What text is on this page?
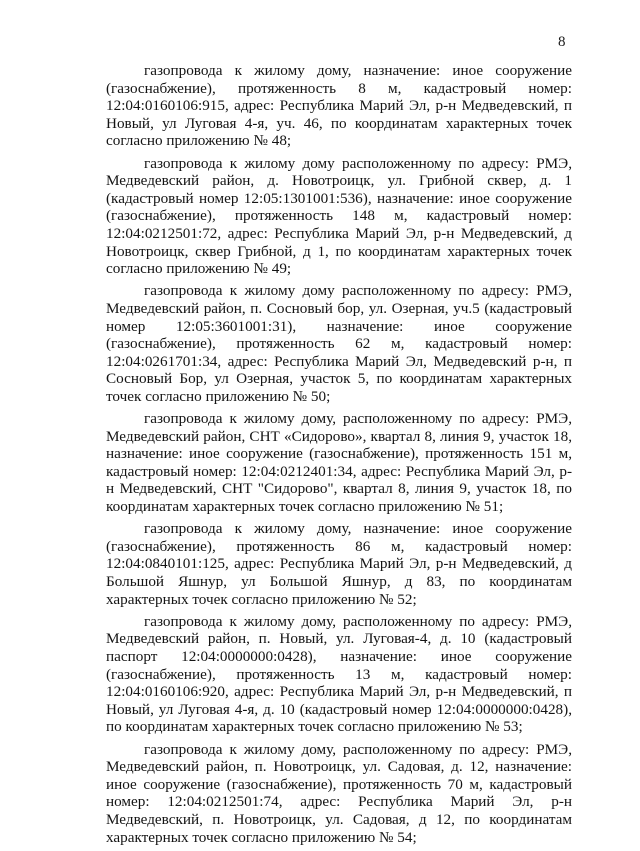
8

газопровода к жилому дому, назначение: иное сооружение (газоснабжение), протяженность 8 м, кадастровый номер: 12:04:0160106:915, адрес: Республика Марий Эл, р-н Медведевский, п Новый, ул Луговая 4-я, уч. 46, по координатам характерных точек согласно приложению № 48;

газопровода к жилому дому расположенному по адресу: РМЭ, Медведевский район, д. Новотроицк, ул. Грибной сквер, д. 1 (кадастровый номер 12:05:1301001:536), назначение: иное сооружение (газоснабжение), протяженность 148 м, кадастровый номер: 12:04:0212501:72, адрес: Республика Марий Эл, р-н Медведевский, д Новотроицк, сквер Грибной, д 1, по координатам характерных точек согласно приложению № 49;

газопровода к жилому дому расположенному по адресу: РМЭ, Медведевский район, п. Сосновый бор, ул. Озерная, уч.5 (кадастровый номер 12:05:3601001:31), назначение: иное сооружение (газоснабжение), протяженность 62 м, кадастровый номер: 12:04:0261701:34, адрес: Республика Марий Эл, Медведевский р-н, п Сосновый Бор, ул Озерная, участок 5, по координатам характерных точек согласно приложению № 50;

газопровода к жилому дому, расположенному по адресу: РМЭ, Медведевский район, СНТ «Сидорово», квартал 8, линия 9, участок 18, назначение: иное сооружение (газоснабжение), протяженность 151 м, кадастровый номер: 12:04:0212401:34, адрес: Республика Марий Эл, р-н Медведевский, СНТ "Сидорово", квартал 8, линия 9, участок 18, по координатам характерных точек согласно приложению № 51;

газопровода к жилому дому, назначение: иное сооружение (газоснабжение), протяженность 86 м, кадастровый номер: 12:04:0840101:125, адрес: Республика Марий Эл, р-н Медведевский, д Большой Яшнур, ул Большой Яшнур, д 83, по координатам характерных точек согласно приложению № 52;

газопровода к жилому дому, расположенному по адресу: РМЭ, Медведевский район, п. Новый, ул. Луговая-4, д. 10 (кадастровый паспорт 12:04:0000000:0428), назначение: иное сооружение (газоснабжение), протяженность 13 м, кадастровый номер: 12:04:0160106:920, адрес: Республика Марий Эл, р-н Медведевский, п Новый, ул Луговая 4-я, д. 10 (кадастровый номер 12:04:0000000:0428), по координатам характерных точек согласно приложению № 53;

газопровода к жилому дому, расположенному по адресу: РМЭ, Медведевский район, п. Новотроицк, ул. Садовая, д. 12, назначение: иное сооружение (газоснабжение), протяженность 70 м, кадастровый номер: 12:04:0212501:74, адрес: Республика Марий Эл, р-н Медведевский, п. Новотроицк, ул. Садовая, д 12, по координатам характерных точек согласно приложению № 54;
